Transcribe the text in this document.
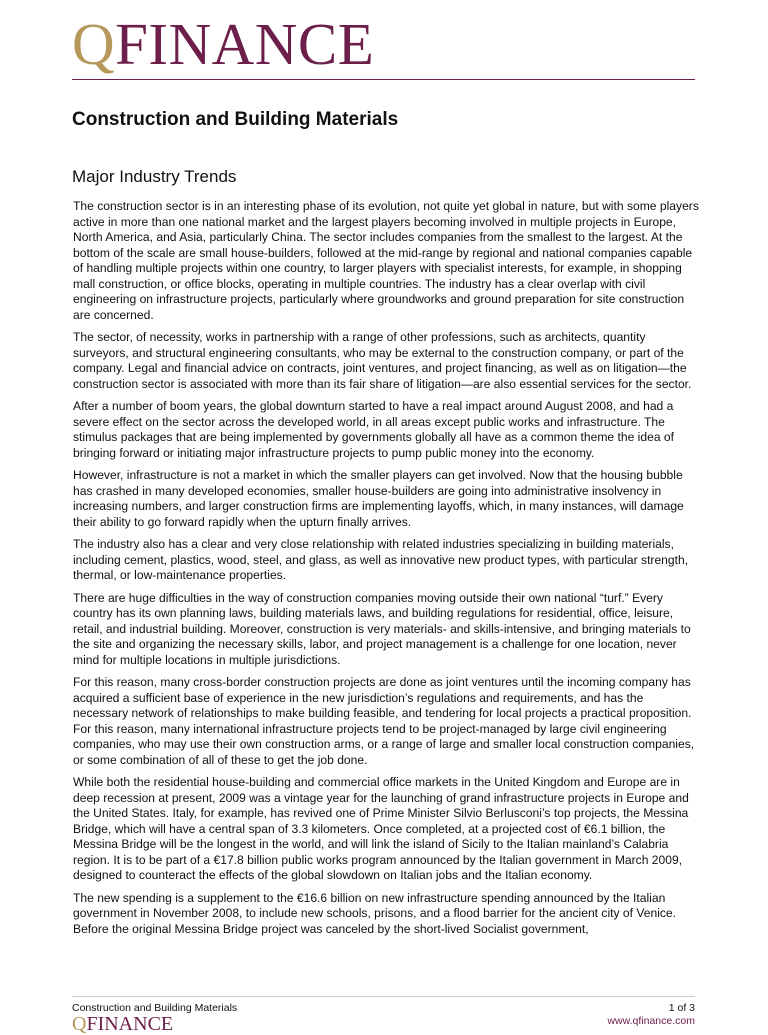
QFINANCE
Construction and Building Materials
Major Industry Trends

The construction sector is in an interesting phase of its evolution, not quite yet global in nature, but with some players active in more than one national market and the largest players becoming involved in multiple projects in Europe, North America, and Asia, particularly China. The sector includes companies from the smallest to the largest. At the bottom of the scale are small house-builders, followed at the mid-range by regional and national companies capable of handling multiple projects within one country, to larger players with specialist interests, for example, in shopping mall construction, or office blocks, operating in multiple countries. The industry has a clear overlap with civil engineering on infrastructure projects, particularly where groundworks and ground preparation for site construction are concerned.

The sector, of necessity, works in partnership with a range of other professions, such as architects, quantity surveyors, and structural engineering consultants, who may be external to the construction company, or part of the company. Legal and financial advice on contracts, joint ventures, and project financing, as well as on litigation—the construction sector is associated with more than its fair share of litigation—are also essential services for the sector.

After a number of boom years, the global downturn started to have a real impact around August 2008, and had a severe effect on the sector across the developed world, in all areas except public works and infrastructure. The stimulus packages that are being implemented by governments globally all have as a common theme the idea of bringing forward or initiating major infrastructure projects to pump public money into the economy.

However, infrastructure is not a market in which the smaller players can get involved. Now that the housing bubble has crashed in many developed economies, smaller house-builders are going into administrative insolvency in increasing numbers, and larger construction firms are implementing layoffs, which, in many instances, will damage their ability to go forward rapidly when the upturn finally arrives.

The industry also has a clear and very close relationship with related industries specializing in building materials, including cement, plastics, wood, steel, and glass, as well as innovative new product types, with particular strength, thermal, or low-maintenance properties.

There are huge difficulties in the way of construction companies moving outside their own national “turf.” Every country has its own planning laws, building materials laws, and building regulations for residential, office, leisure, retail, and industrial building. Moreover, construction is very materials- and skills-intensive, and bringing materials to the site and organizing the necessary skills, labor, and project management is a challenge for one location, never mind for multiple locations in multiple jurisdictions.

For this reason, many cross-border construction projects are done as joint ventures until the incoming company has acquired a sufficient base of experience in the new jurisdiction’s regulations and requirements, and has the necessary network of relationships to make building feasible, and tendering for local projects a practical proposition. For this reason, many international infrastructure projects tend to be project-managed by large civil engineering companies, who may use their own construction arms, or a range of large and smaller local construction companies, or some combination of all of these to get the job done.

While both the residential house-building and commercial office markets in the United Kingdom and Europe are in deep recession at present, 2009 was a vintage year for the launching of grand infrastructure projects in Europe and the United States. Italy, for example, has revived one of Prime Minister Silvio Berlusconi’s top projects, the Messina Bridge, which will have a central span of 3.3 kilometers. Once completed, at a projected cost of €6.1 billion, the Messina Bridge will be the longest in the world, and will link the island of Sicily to the Italian mainland’s Calabria region. It is to be part of a €17.8 billion public works program announced by the Italian government in March 2009, designed to counteract the effects of the global slowdown on Italian jobs and the Italian economy.

The new spending is a supplement to the €16.6 billion on new infrastructure spending announced by the Italian government in November 2008, to include new schools, prisons, and a flood barrier for the ancient city of Venice. Before the original Messina Bridge project was canceled by the short-lived Socialist government,

Construction and Building Materials	1 of 3
QFINANCE	www.qfinance.com
